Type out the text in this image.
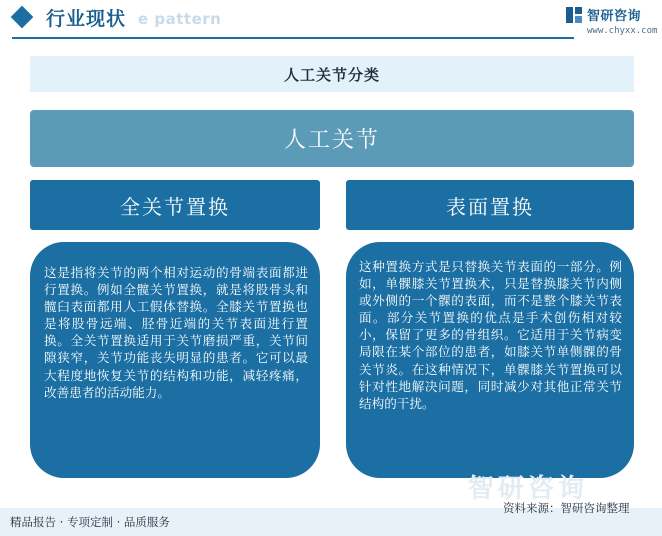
行业现状 e pattern	智研咨询
www.chyxx.com
人工关节分类
人工关节
全关节置换	表面置换
这是指将关节的两个相对运动的骨端表面都进行置换。例如全髋关节置换，就是将股骨头和髋臼表面都用人工假体替换。全膝关节置换也是将股骨远端、胫骨近端的关节表面进行置换。全关节置换适用于关节磨损严重，关节间隙狭窄，关节功能丧失明显的患者。它可以最大程度地恢复关节的结构和功能，减轻疼痛，改善患者的活动能力。
这种置换方式是只替换关节表面的一部分。例如，单髁膝关节置换术，只是替换膝关节内侧或外侧的一个髁的表面，而不是整个膝关节表面。部分关节置换的优点是手术创伤相对较小，保留了更多的骨组织。它适用于关节病变局限在某个部位的患者，如膝关节单侧髁的骨关节炎。在这种情况下，单髁膝关节置换可以针对性地解决问题，同时减少对其他正常关节结构的干扰。
智研咨询
精品报告 · 专项定制 · 品质服务
资料来源：智研咨询整理
